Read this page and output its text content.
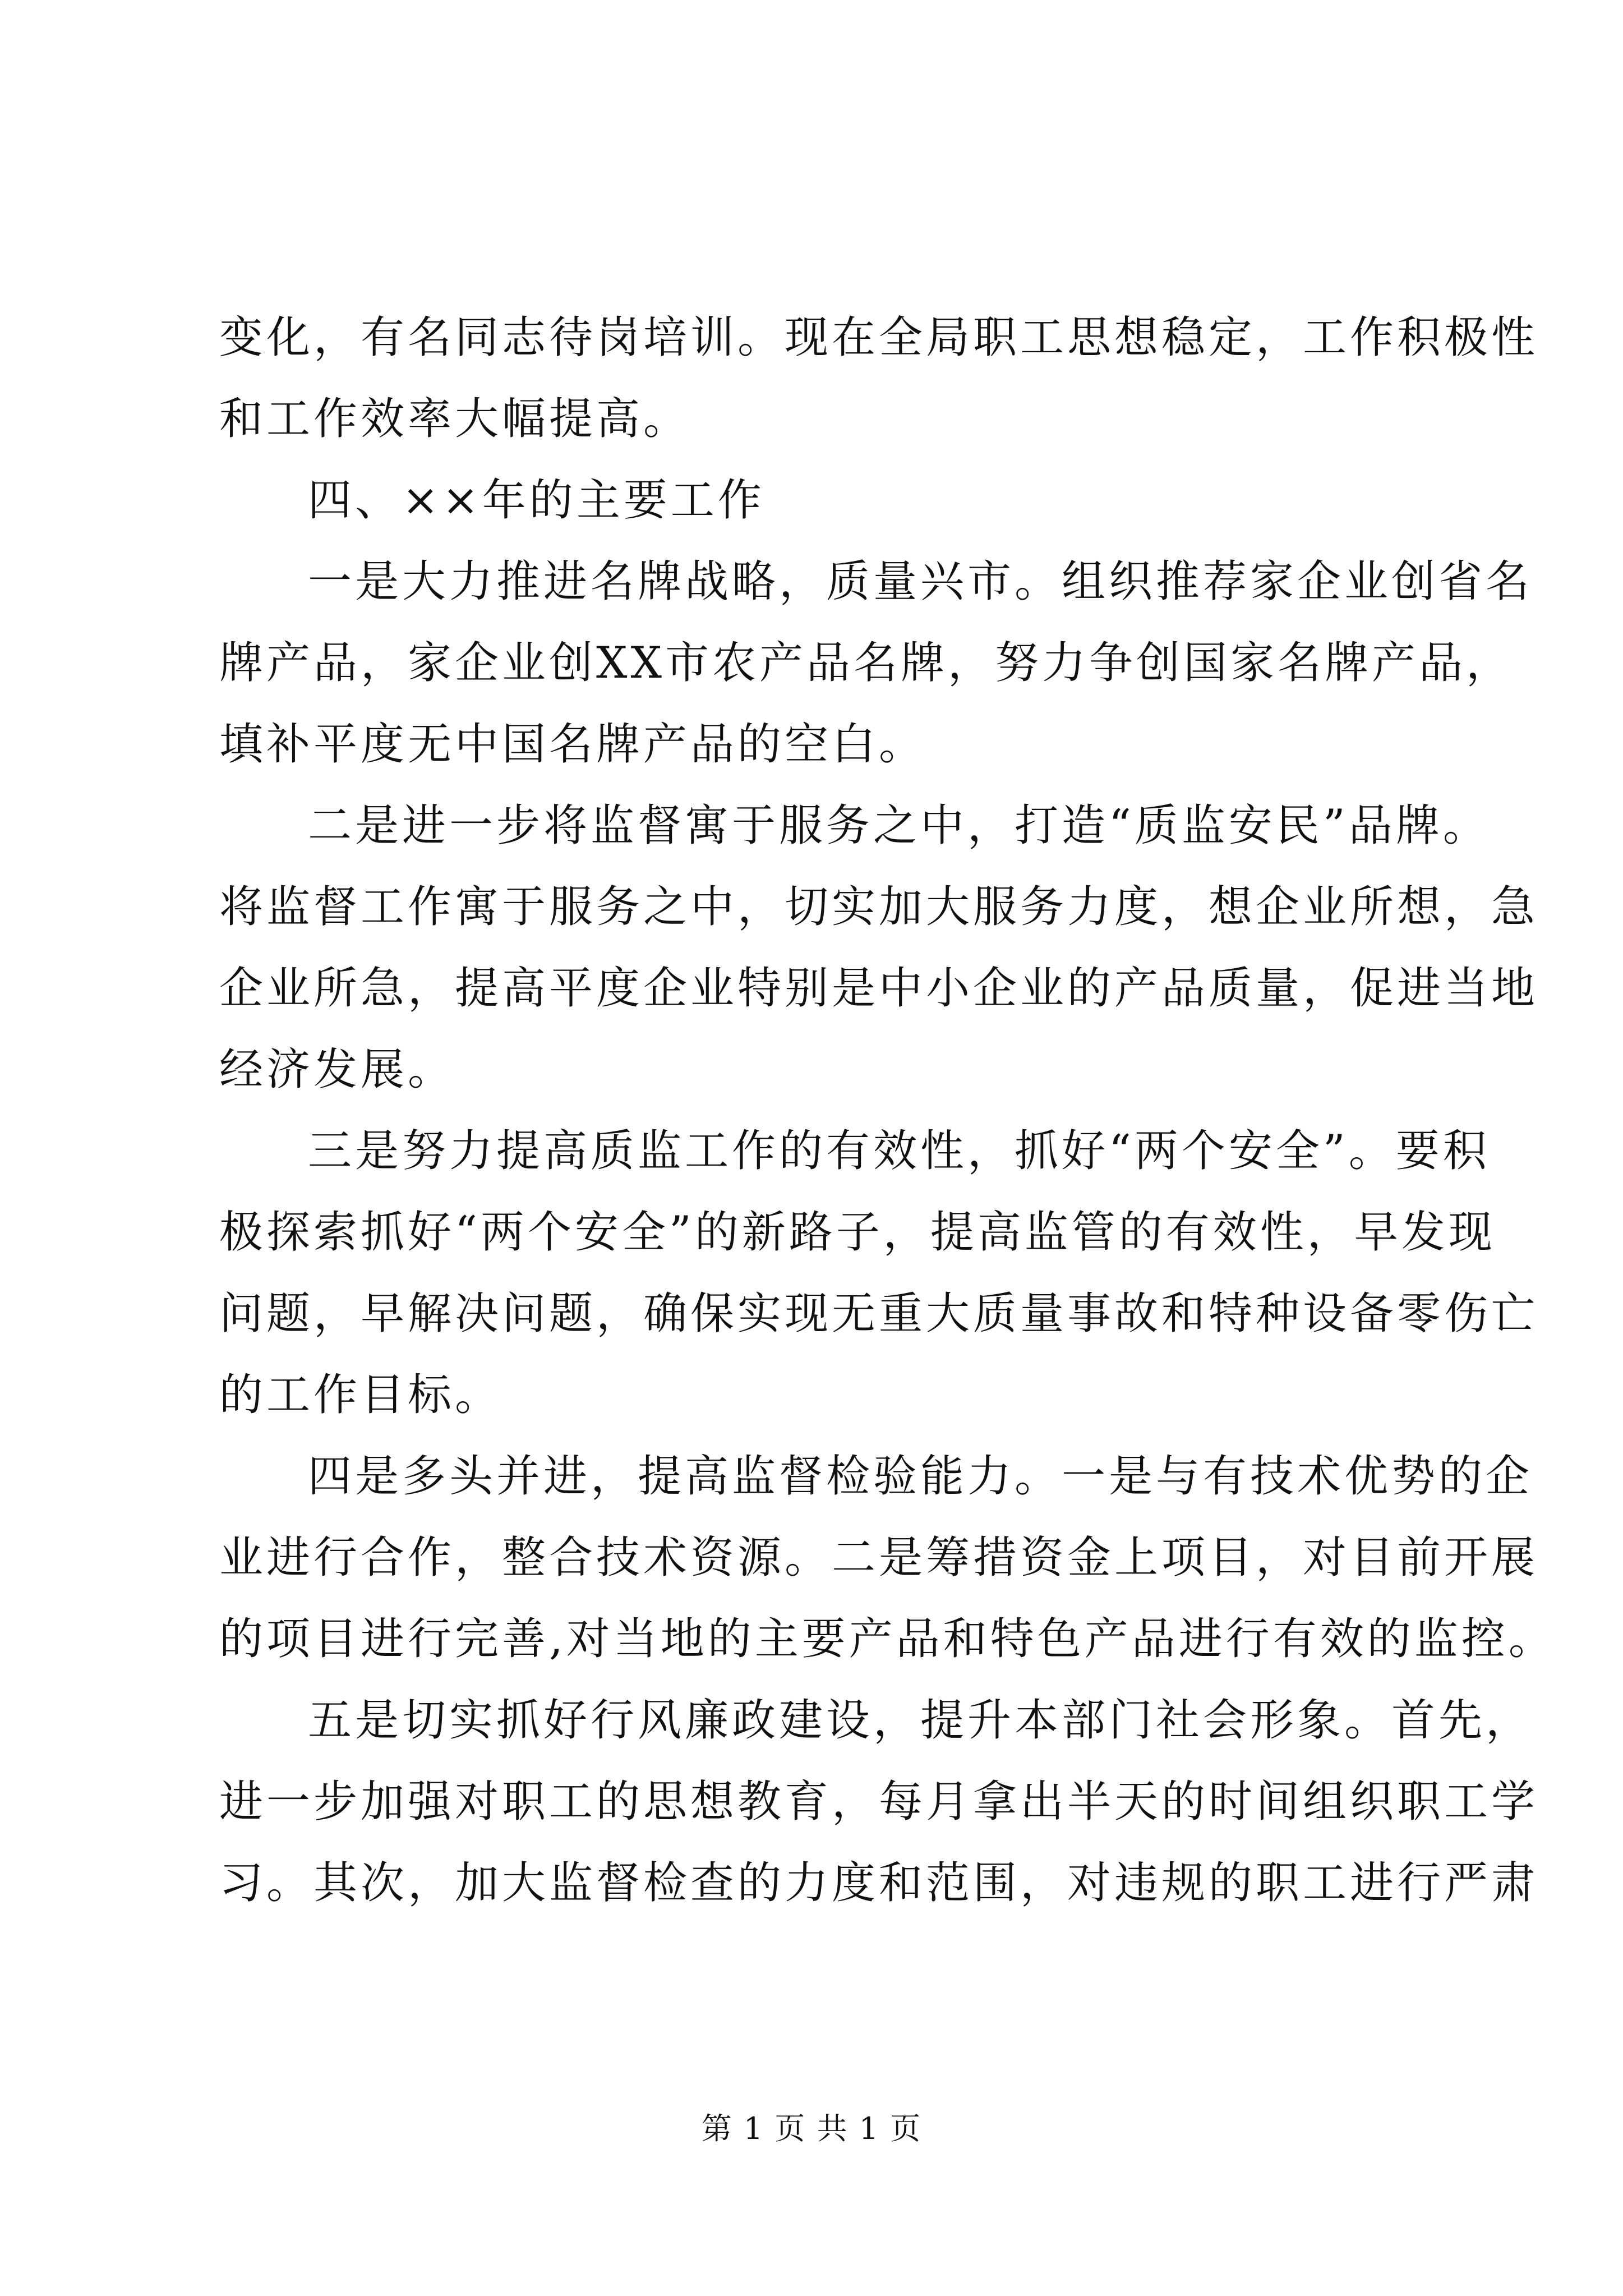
变化，有名同志待岗培训。现在全局职工思想稳定，工作积极性
和工作效率大幅提高。
四、××年的主要工作
一是大力推进名牌战略，质量兴市。组织推荐家企业创省名
牌产品，家企业创XX市农产品名牌，努力争创国家名牌产品，
填补平度无中国名牌产品的空白。
二是进一步将监督寓于服务之中，打造“质监安民”品牌。
将监督工作寓于服务之中，切实加大服务力度，想企业所想，急
企业所急，提高平度企业特别是中小企业的产品质量，促进当地
经济发展。
三是努力提高质监工作的有效性，抓好“两个安全”。要积
极探索抓好“两个安全”的新路子，提高监管的有效性，早发现
问题，早解决问题，确保实现无重大质量事故和特种设备零伤亡
的工作目标。
四是多头并进，提高监督检验能力。一是与有技术优势的企
业进行合作，整合技术资源。二是筹措资金上项目，对目前开展
的项目进行完善,对当地的主要产品和特色产品进行有效的监控。
五是切实抓好行风廉政建设，提升本部门社会形象。首先，
进一步加强对职工的思想教育，每月拿出半天的时间组织职工学
习。其次，加大监督检查的力度和范围，对违规的职工进行严肃
第 1 页 共 1 页
